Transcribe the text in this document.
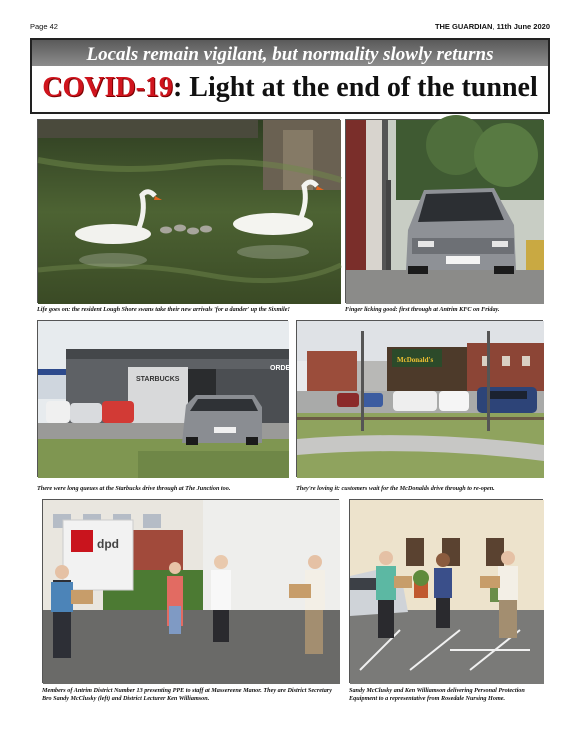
Page 42	THE GUARDIAN, 11th June 2020
Locals remain vigilant, but normality slowly returns
COVID-19: Light at the end of the tunnel
Life goes on: the resident Lough Shore swans take their new arrivals 'for a dander' up the Sixmile!	Finger licking good: first through at Antrim KFC on Friday.
STARBUCKS
ORDE
There were long queues at the Starbucks drive through at The Junction too.
McDonald's
They're loving it: customers wait for the McDonalds drive through to re-open.
dpd
Members of Antrim District Number 13 presenting PPE to staff at Massereene Manor. They are District Secretary Bro Sandy McClusky (left) and District Lecturer Ken Williamson.
Sandy McClusky and Ken Williamson delivering Personal Protection Equipment to a representative from Rosedale Nursing Home.
